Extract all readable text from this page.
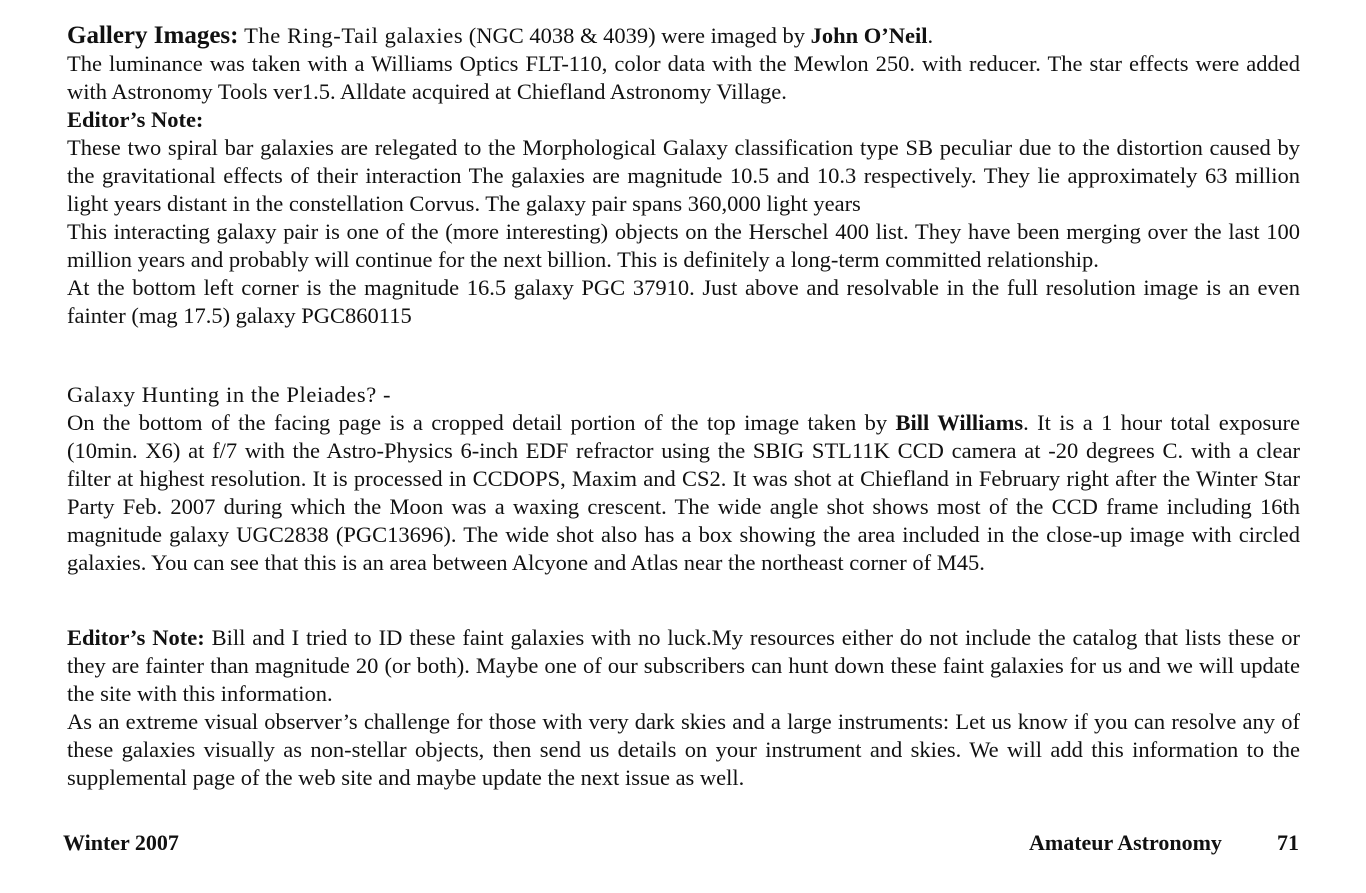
Gallery Images: The Ring-Tail galaxies (NGC 4038 & 4039) were imaged by John O’Neil.

The luminance was taken with a Williams Optics FLT-110, color data with the Mewlon 250. with reducer. The star effects were added with Astronomy Tools ver1.5. Alldate acquired at Chiefland Astronomy Village.

Editor’s Note:

These two spiral bar galaxies are relegated to the Morphological Galaxy classification type SB peculiar due to the distortion caused by the gravitational effects of their interaction The galaxies are magnitude 10.5 and 10.3 respectively. They lie approximately 63 million light years distant in the constellation Corvus. The galaxy pair spans 360,000 light years

This interacting galaxy pair is one of the (more interesting) objects on the Herschel 400 list. They have been merging over the last 100 million years and probably will continue for the next billion. This is definitely a long-term committed relationship.

At the bottom left corner is the magnitude 16.5 galaxy PGC 37910. Just above and resolvable in the full resolution image is an even fainter (mag 17.5) galaxy PGC860115

Galaxy Hunting in the Pleiades? -

On the bottom of the facing page is a cropped detail portion of the top image taken by Bill Williams. It is a 1 hour total exposure (10min. X6) at f/7 with the Astro-Physics 6-inch EDF refractor using the SBIG STL11K CCD camera at -20 degrees C. with a clear filter at highest resolution. It is processed in CCDOPS, Maxim and CS2. It was shot at Chiefland in February right after the Winter Star Party Feb. 2007 during which the Moon was a waxing crescent. The wide angle shot shows most of the CCD frame including 16th magnitude galaxy UGC2838 (PGC13696). The wide shot also has a box showing the area included in the close-up image with circled galaxies. You can see that this is an area between Alcyone and Atlas near the northeast corner of M45.

Editor’s Note: Bill and I tried to ID these faint galaxies with no luck.My resources either do not include the catalog that lists these or they are fainter than magnitude 20 (or both). Maybe one of our subscribers can hunt down these faint galaxies for us and we will update the site with this information.

As an extreme visual observer’s challenge for those with very dark skies and a large instruments: Let us know if you can resolve any of these galaxies visually as non-stellar objects, then send us details on your instrument and skies. We will add this information to the supplemental page of the web site and maybe update the next issue as well.

Winter 2007	Amateur Astronomy	71
